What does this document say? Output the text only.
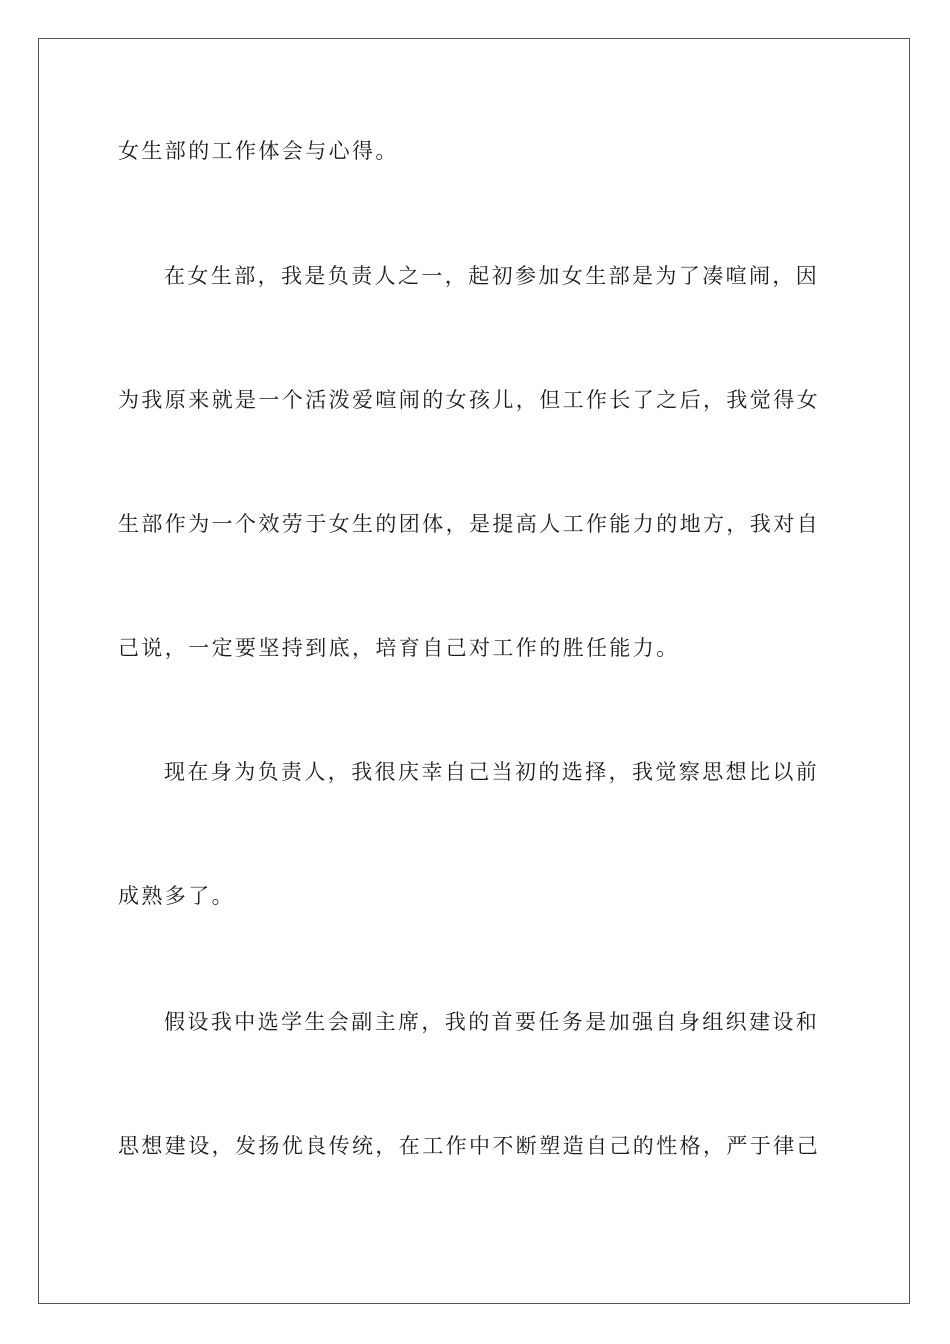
女生部的工作体会与心得。
在女生部，我是负责人之一，起初参加女生部是为了凑喧闹，因
为我原来就是一个活泼爱喧闹的女孩儿，但工作长了之后，我觉得女
生部作为一个效劳于女生的团体，是提高人工作能力的地方，我对自
己说，一定要坚持到底，培育自己对工作的胜任能力。
现在身为负责人，我很庆幸自己当初的选择，我觉察思想比以前
成熟多了。
假设我中选学生会副主席，我的首要任务是加强自身组织建设和
思想建设，发扬优良传统，在工作中不断塑造自己的性格，严于律己
